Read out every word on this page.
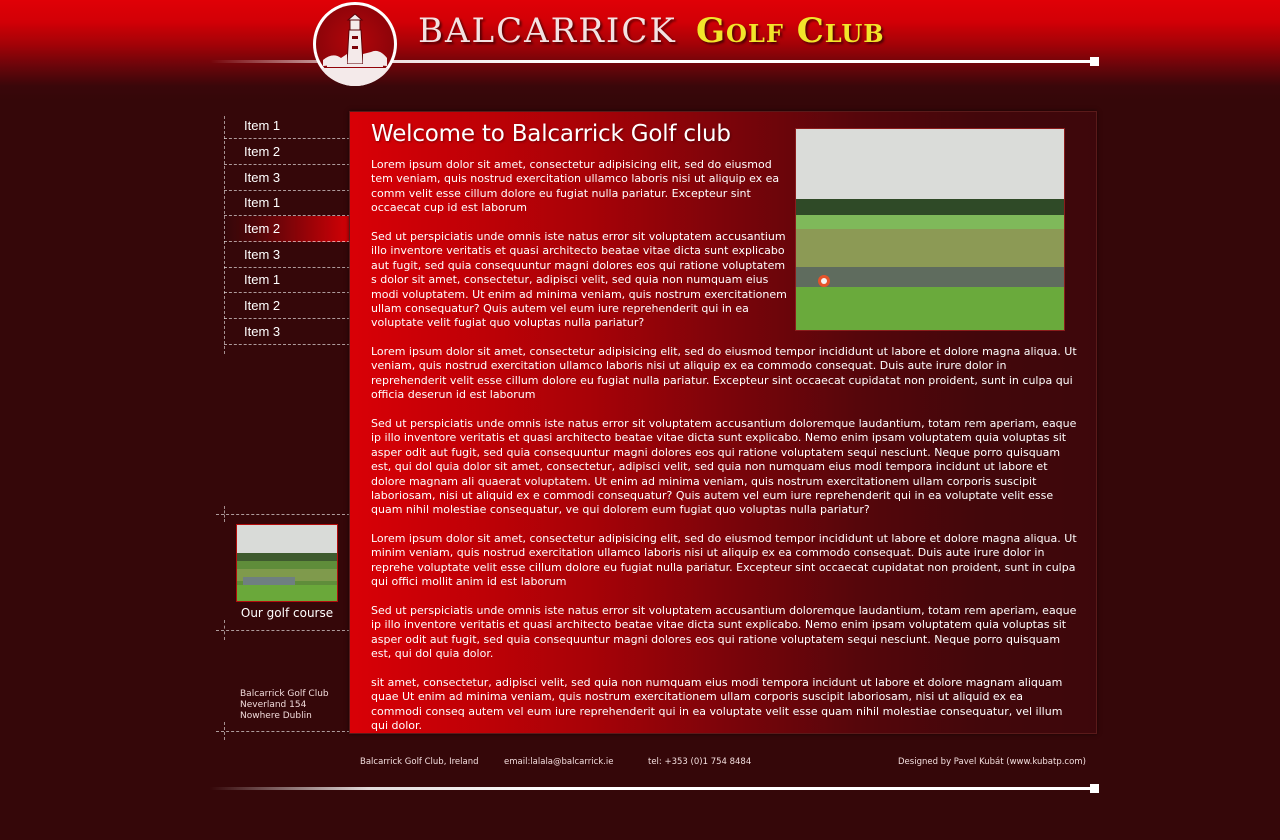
BALCARRICK Golf Club
Item 1
Item 2
Item 3
Item 1
Item 2
Item 3
Item 1
Item 2
Item 3
Our golf course
Balcarrick Golf Club
Neverland 154
Nowhere Dublin
Welcome to Balcarrick Golf club

Lorem ipsum dolor sit amet, consectetur adipisicing elit, sed do eiusmod tem veniam, quis nostrud exercitation ullamco laboris nisi ut aliquip ex ea comm velit esse cillum dolore eu fugiat nulla pariatur. Excepteur sint occaecat cup id est laborum

Sed ut perspiciatis unde omnis iste natus error sit voluptatem accusantium illo inventore veritatis et quasi architecto beatae vitae dicta sunt explicabo aut fugit, sed quia consequuntur magni dolores eos qui ratione voluptatem s dolor sit amet, consectetur, adipisci velit, sed quia non numquam eius modi voluptatem. Ut enim ad minima veniam, quis nostrum exercitationem ullam consequatur? Quis autem vel eum iure reprehenderit qui in ea voluptate velit fugiat quo voluptas nulla pariatur?

Lorem ipsum dolor sit amet, consectetur adipisicing elit, sed do eiusmod tempor incididunt ut labore et dolore magna aliqua. Ut veniam, quis nostrud exercitation ullamco laboris nisi ut aliquip ex ea commodo consequat. Duis aute irure dolor in reprehenderit velit esse cillum dolore eu fugiat nulla pariatur. Excepteur sint occaecat cupidatat non proident, sunt in culpa qui officia deserun id est laborum

Sed ut perspiciatis unde omnis iste natus error sit voluptatem accusantium doloremque laudantium, totam rem aperiam, eaque ip illo inventore veritatis et quasi architecto beatae vitae dicta sunt explicabo. Nemo enim ipsam voluptatem quia voluptas sit asper odit aut fugit, sed quia consequuntur magni dolores eos qui ratione voluptatem sequi nesciunt. Neque porro quisquam est, qui dol quia dolor sit amet, consectetur, adipisci velit, sed quia non numquam eius modi tempora incidunt ut labore et dolore magnam ali quaerat voluptatem. Ut enim ad minima veniam, quis nostrum exercitationem ullam corporis suscipit laboriosam, nisi ut aliquid ex e commodi consequatur? Quis autem vel eum iure reprehenderit qui in ea voluptate velit esse quam nihil molestiae consequatur, ve qui dolorem eum fugiat quo voluptas nulla pariatur?

Lorem ipsum dolor sit amet, consectetur adipisicing elit, sed do eiusmod tempor incididunt ut labore et dolore magna aliqua. Ut minim veniam, quis nostrud exercitation ullamco laboris nisi ut aliquip ex ea commodo consequat. Duis aute irure dolor in reprehe voluptate velit esse cillum dolore eu fugiat nulla pariatur. Excepteur sint occaecat cupidatat non proident, sunt in culpa qui offici mollit anim id est laborum

Sed ut perspiciatis unde omnis iste natus error sit voluptatem accusantium doloremque laudantium, totam rem aperiam, eaque ip illo inventore veritatis et quasi architecto beatae vitae dicta sunt explicabo. Nemo enim ipsam voluptatem quia voluptas sit asper odit aut fugit, sed quia consequuntur magni dolores eos qui ratione voluptatem sequi nesciunt. Neque porro quisquam est, qui dol quia dolor.

sit amet, consectetur, adipisci velit, sed quia non numquam eius modi tempora incidunt ut labore et dolore magnam aliquam quae Ut enim ad minima veniam, quis nostrum exercitationem ullam corporis suscipit laboriosam, nisi ut aliquid ex ea commodi conseq autem vel eum iure reprehenderit qui in ea voluptate velit esse quam nihil molestiae consequatur, vel illum qui dolor.

Balcarrick Golf Club, Ireland	email:lalala@balcarrick.ie	tel: +353 (0)1 754 8484	Designed by Pavel Kubát (www.kubatp.com)
